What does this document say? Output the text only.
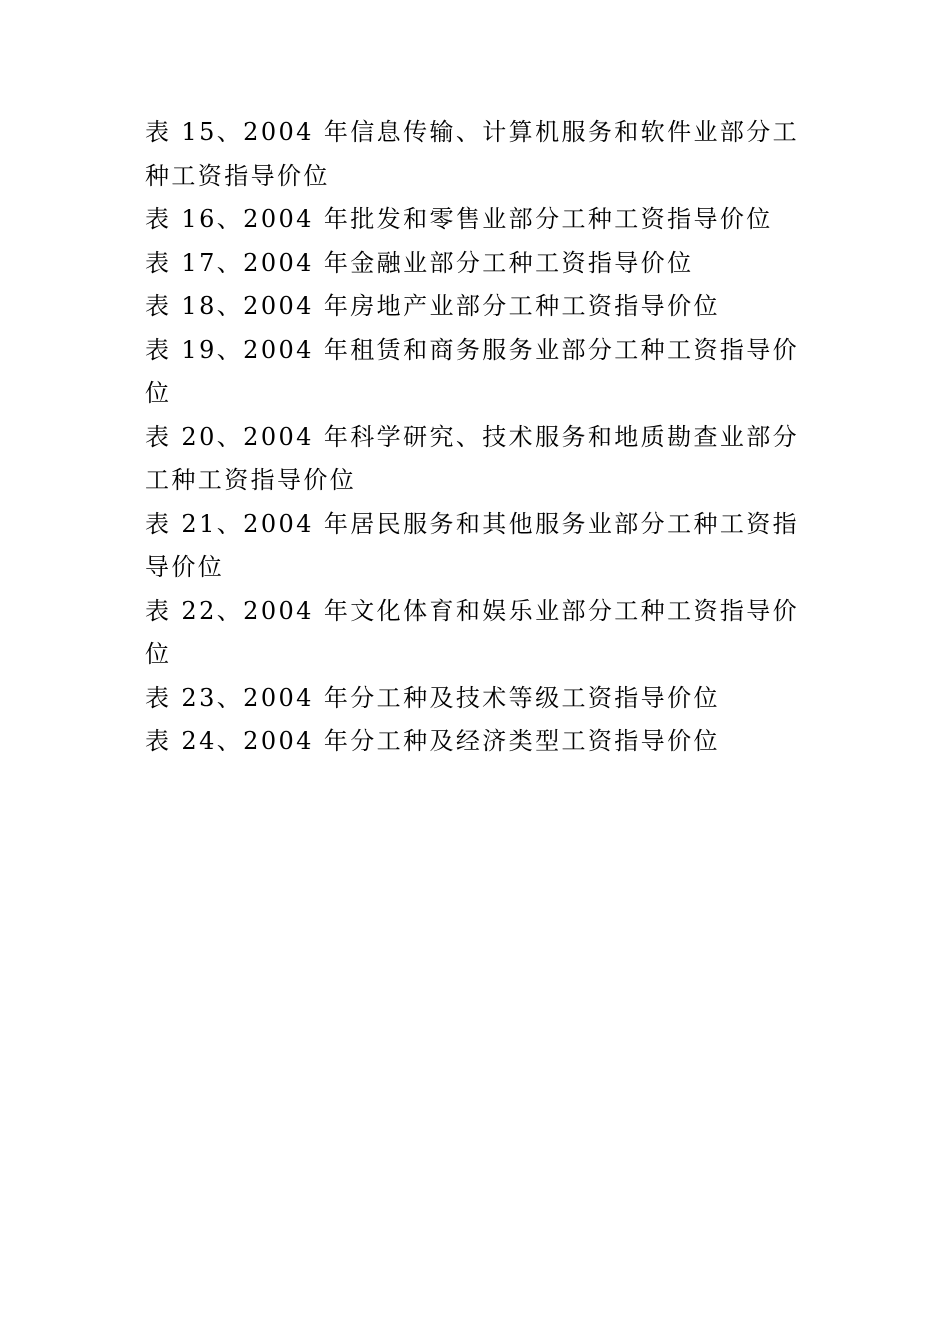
表 15、2004 年信息传输、计算机服务和软件业部分工种工资指导价位
表 16、2004 年批发和零售业部分工种工资指导价位
表 17、2004 年金融业部分工种工资指导价位
表 18、2004 年房地产业部分工种工资指导价位
表 19、2004 年租赁和商务服务业部分工种工资指导价位
表 20、2004 年科学研究、技术服务和地质勘查业部分工种工资指导价位
表 21、2004 年居民服务和其他服务业部分工种工资指导价位
表 22、2004 年文化体育和娱乐业部分工种工资指导价位
表 23、2004 年分工种及技术等级工资指导价位
表 24、2004 年分工种及经济类型工资指导价位
